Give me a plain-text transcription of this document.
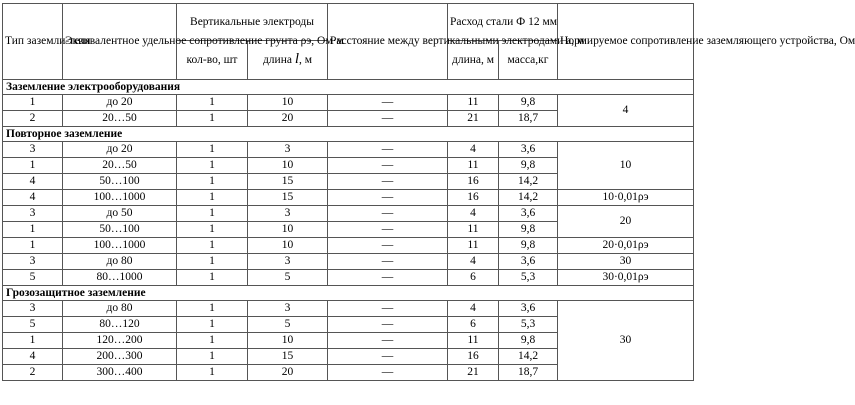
Тип заземли-теля	Эквивалентное удельное сопротивление грунта ρэ, Ом·м	Вертикальные электроды		Расстояние между вертикальными электродами а, м	Расход стали Ф 12 мм		Нормируемое сопротивление заземляющего устройства, Ом
		кол-во, шт	длина l, м		длина, м	масса,кг	
Заземление электрооборудования							
1	до 20	1	10	—	11	9,8	4
2	20…50	1	20	—	21	18,7	
Повторное заземление							
3	до 20	1	3	—	4	3,6	10
1	20…50	1	10	—	11	9,8	
4	50…100	1	15	—	16	14,2	
4	100…1000	1	15	—	16	14,2	10·0,01ρэ
3	до 50	1	3	—	4	3,6	20
1	50…100	1	10	—	11	9,8	
1	100…1000	1	10	—	11	9,8	20·0,01ρэ
3	до 80	1	3	—	4	3,6	30
5	80…1000	1	5	—	6	5,3	30·0,01ρэ
Грозозащитное заземление							
3	до 80	1	3	—	4	3,6	30
5	80…120	1	5	—	6	5,3	
1	120…200	1	10	—	11	9,8	
4	200…300	1	15	—	16	14,2	
2	300…400	1	20	—	21	18,7	
